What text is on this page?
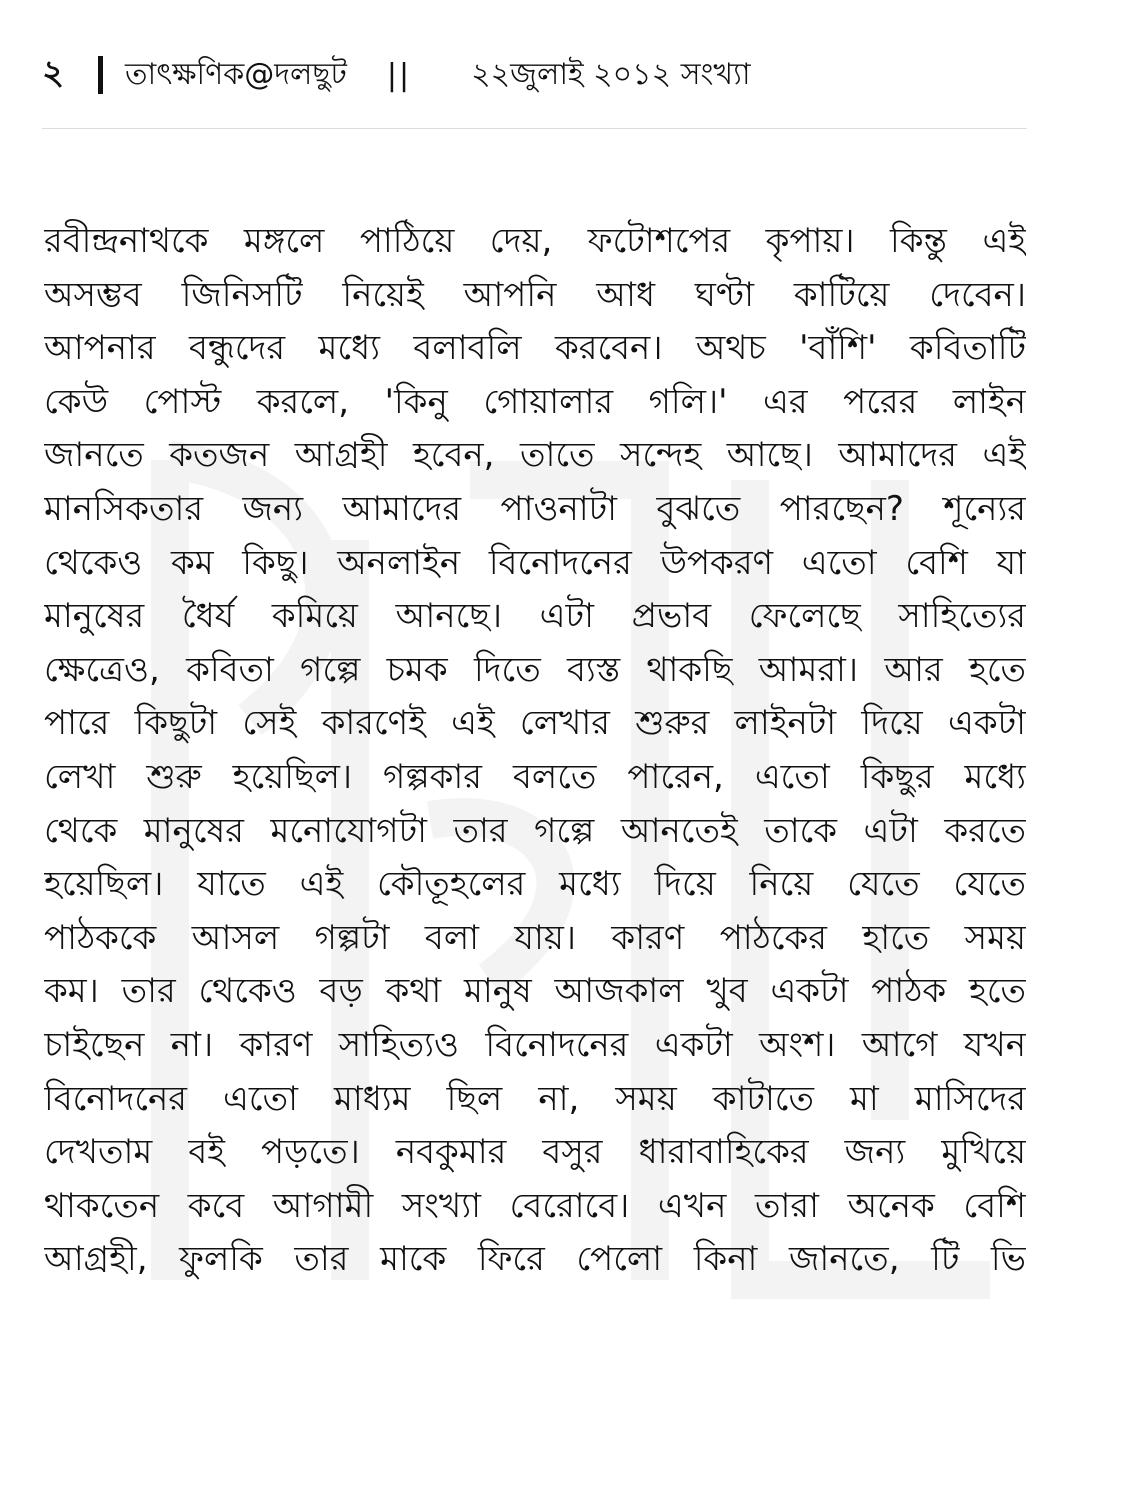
২	তাৎক্ষণিক@দলছুট || ২২জুলাই ২০১২ সংখ্যা
রবীন্দ্রনাথকে মঙ্গলে পাঠিয়ে দেয়, ফটোশপের কৃপায়। কিন্তু এই
অসম্ভব জিনিসটি নিয়েই আপনি আধ ঘণ্টা কাটিয়ে দেবেন।
আপনার বন্ধুদের মধ্যে বলাবলি করবেন। অথচ 'বাঁশি' কবিতাটি
কেউ পোস্ট করলে, 'কিনু গোয়ালার গলি।' এর পরের লাইন
জানতে কতজন আগ্রহী হবেন, তাতে সন্দেহ আছে। আমাদের এই
মানসিকতার জন্য আমাদের পাওনাটা বুঝতে পারছেন? শূন্যের
থেকেও কম কিছু। অনলাইন বিনোদনের উপকরণ এতো বেশি যা
মানুষের ধৈর্য কমিয়ে আনছে। এটা প্রভাব ফেলেছে সাহিত্যের
ক্ষেত্রেও, কবিতা গল্পে চমক দিতে ব্যস্ত থাকছি আমরা। আর হতে
পারে কিছুটা সেই কারণেই এই লেখার শুরুর লাইনটা দিয়ে একটা
লেখা শুরু হয়েছিল। গল্পকার বলতে পারেন, এতো কিছুর মধ্যে
থেকে মানুষের মনোযোগটা তার গল্পে আনতেই তাকে এটা করতে
হয়েছিল। যাতে এই কৌতূহলের মধ্যে দিয়ে নিয়ে যেতে যেতে
পাঠককে আসল গল্পটা বলা যায়। কারণ পাঠকের হাতে সময়
কম। তার থেকেও বড় কথা মানুষ আজকাল খুব একটা পাঠক হতে
চাইছেন না। কারণ সাহিত্যও বিনোদনের একটা অংশ। আগে যখন
বিনোদনের এতো মাধ্যম ছিল না, সময় কাটাতে মা মাসিদের
দেখতাম বই পড়তে। নবকুমার বসুর ধারাবাহিকের জন্য মুখিয়ে
থাকতেন কবে আগামী সংখ্যা বেরোবে। এখন তারা অনেক বেশি
আগ্রহী, ফুলকি তার মাকে ফিরে পেলো কিনা জানতে, টি ভি
